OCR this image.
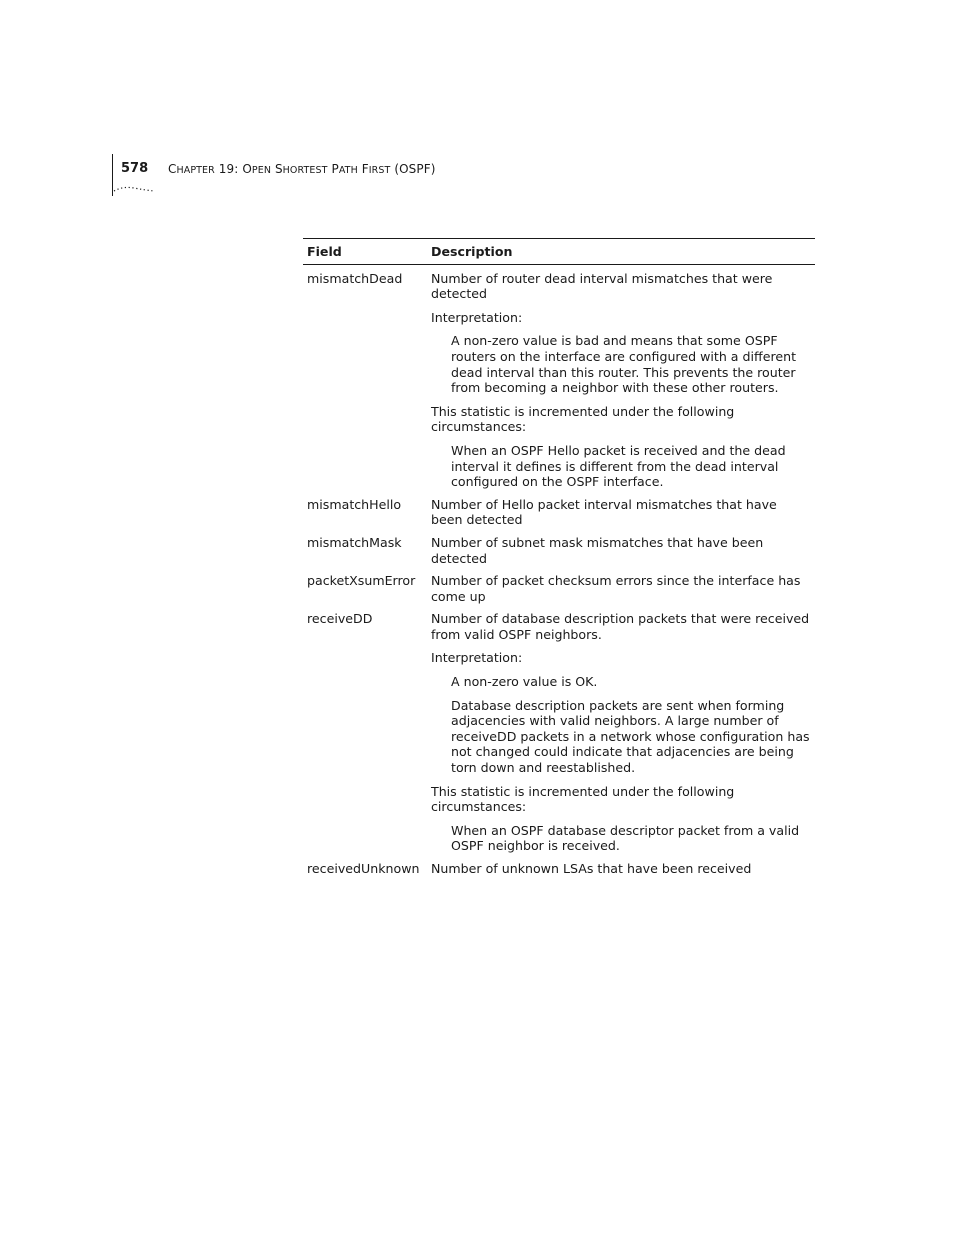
578 CHAPTER 19: OPEN SHORTEST PATH FIRST (OSPF)
Field	Description
mismatchDead	Number of router dead interval mismatches that were detected

Interpretation:

A non-zero value is bad and means that some OSPF routers on the interface are configured with a different dead interval than this router. This prevents the router from becoming a neighbor with these other routers.

This statistic is incremented under the following circumstances:

When an OSPF Hello packet is received and the dead interval it defines is different from the dead interval configured on the OSPF interface.

mismatchHello	Number of Hello packet interval mismatches that have been detected

mismatchMask	Number of subnet mask mismatches that have been detected

packetXsumError	Number of packet checksum errors since the interface has come up

receiveDD	Number of database description packets that were received from valid OSPF neighbors.

Interpretation:

A non-zero value is OK.

Database description packets are sent when forming adjacencies with valid neighbors. A large number of receiveDD packets in a network whose configuration has not changed could indicate that adjacencies are being torn down and reestablished.

This statistic is incremented under the following circumstances:

When an OSPF database descriptor packet from a valid OSPF neighbor is received.

receivedUnknown Number of unknown LSAs that have been received
